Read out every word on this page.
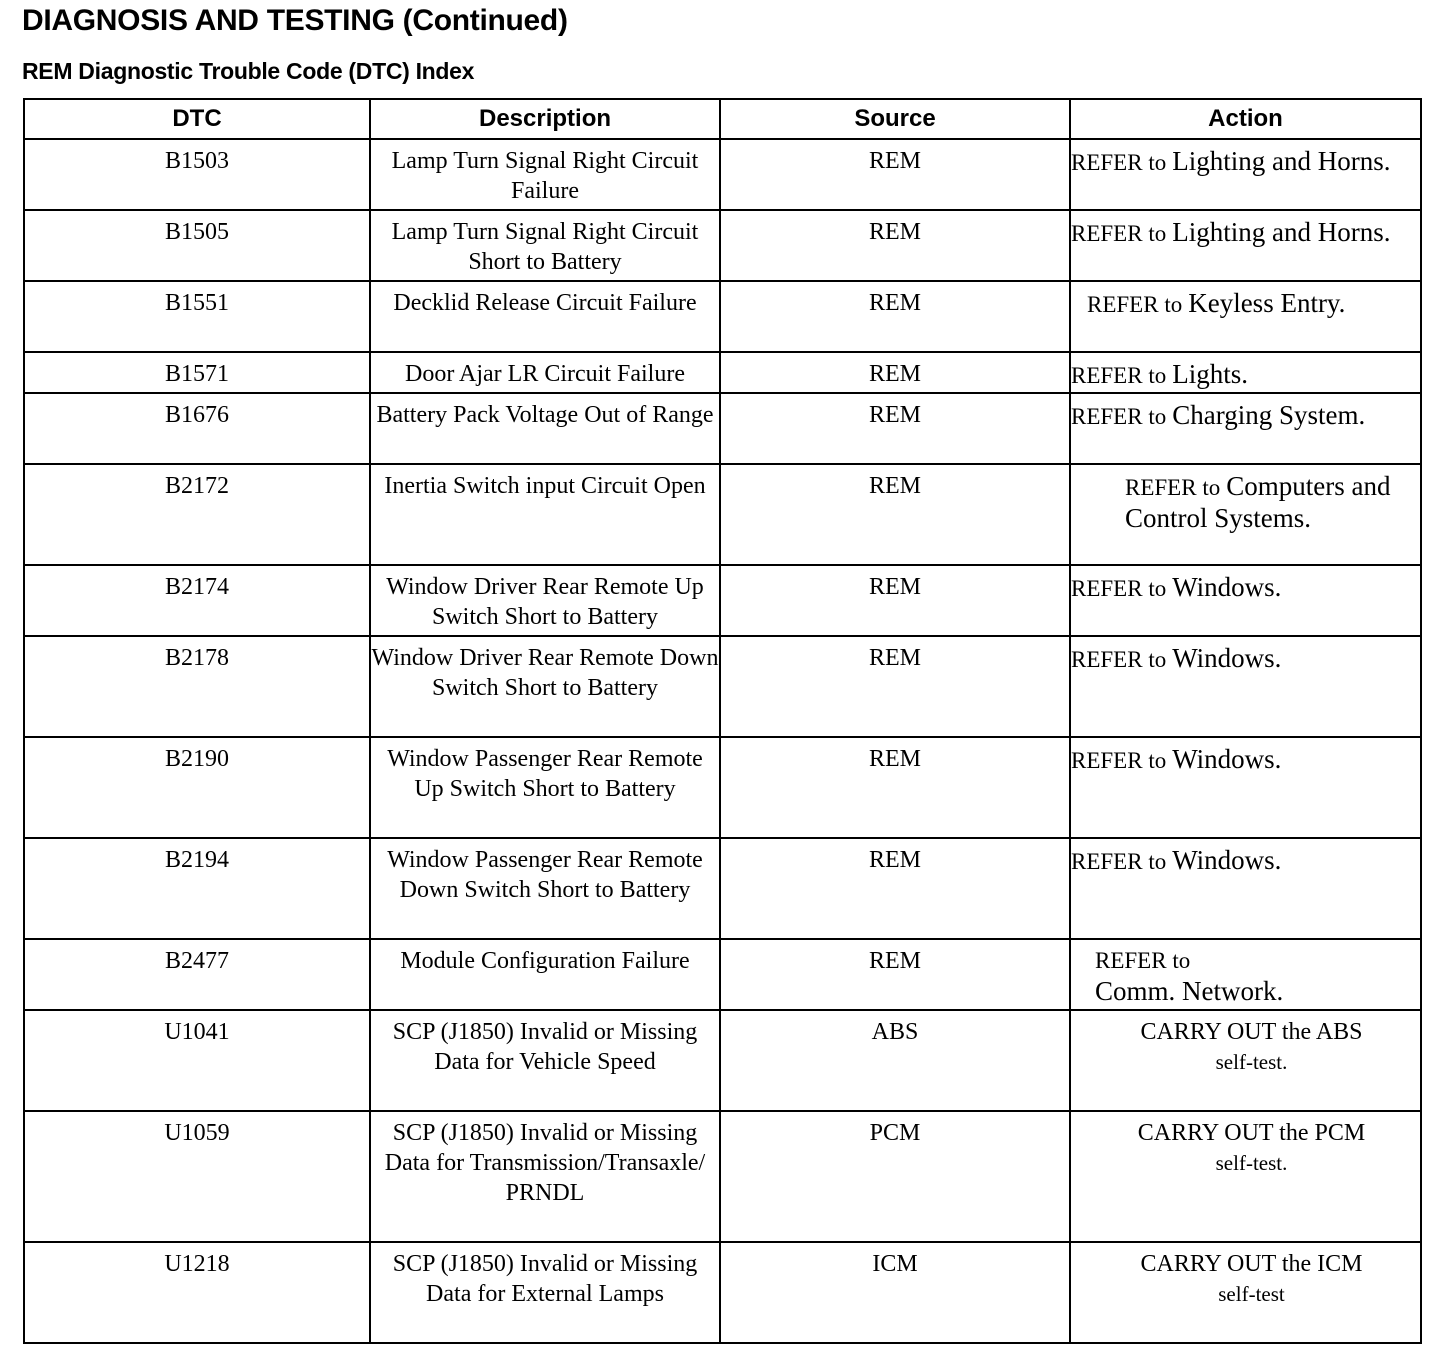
DIAGNOSIS AND TESTING (Continued)
REM Diagnostic Trouble Code (DTC) Index
DTC	Description	Source	Action
B1503	Lamp Turn Signal Right Circuit Failure	REM	REFER to Lighting and Horns.
B1505	Lamp Turn Signal Right Circuit Short to Battery	REM	REFER to Lighting and Horns.
B1551	Decklid Release Circuit Failure	REM	REFER to Keyless Entry.
B1571	Door Ajar LR Circuit Failure	REM	REFER to Lights.
B1676	Battery Pack Voltage Out of Range	REM	REFER to Charging System.
B2172	Inertia Switch input Circuit Open	REM	REFER to Computers and Control Systems.
B2174	Window Driver Rear Remote Up Switch Short to Battery	REM	REFER to Windows.
B2178	Window Driver Rear Remote Down Switch Short to Battery	REM	REFER to Windows.
B2190	Window Passenger Rear Remote Up Switch Short to Battery	REM	REFER to Windows.
B2194	Window Passenger Rear Remote Down Switch Short to Battery	REM	REFER to Windows.
B2477	Module Configuration Failure	REM	REFER to
Comm. Network.
U1041	SCP (J1850) Invalid or Missing Data for Vehicle Speed	ABS	CARRY OUT the ABS
self-test.

U1059	SCP (J1850) Invalid or Missing Data for Transmission/Transaxle/ PRNDL	PCM	CARRY OUT the PCM
self-test.

U1218	SCP (J1850) Invalid or Missing Data for External Lamps	ICM	CARRY OUT the ICM
self-test
